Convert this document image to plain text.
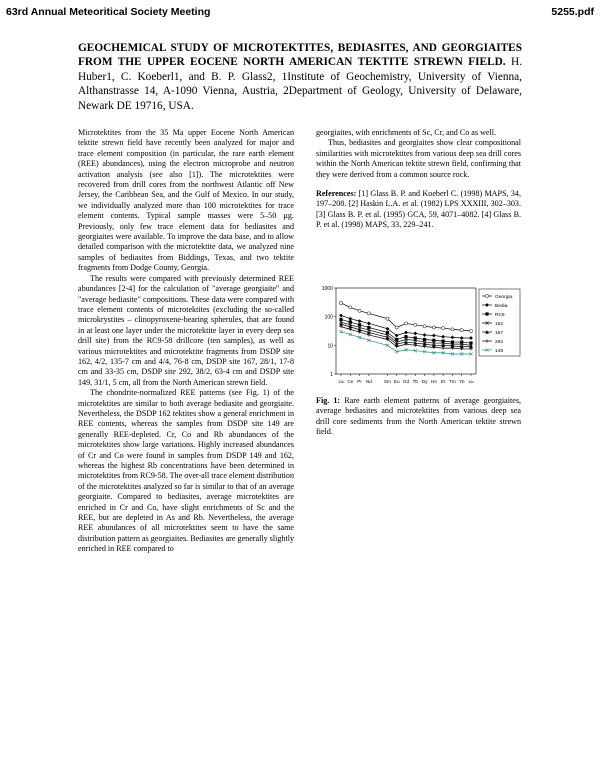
63rd Annual Meteoritical Society Meeting	5255.pdf
GEOCHEMICAL STUDY OF MICROTEKTITES, BEDIASITES, AND GEORGIAITES FROM THE UPPER EOCENE NORTH AMERICAN TEKTITE STREWN FIELD. H. Huber1, C. Koeberl1, and B. P. Glass2, 1Institute of Geochemistry, University of Vienna, Althanstrasse 14, A-1090 Vienna, Austria, 2Department of Geology, University of Delaware, Newark DE 19716, USA.

Microtektites from the 35 Ma upper Eocene North American tektite strewn field have recently been analyzed for major and trace element composition (in particular, the rare earth element (REE) abundances), using the electron microprobe and neutron activation analysis (see also [1]). The microtektites were recovered from drill cores from the northwest Atlantic off New Jersey, the Caribbean Sea, and the Gulf of Mexico. In our study, we individually analyzed more than 100 microtektites for trace element contents. Typical sample masses were 5–50 µg. Previously, only few trace element data for bediasites and georgiaites were available. To improve the data base, and to allow detailed comparison with the microtektite data, we analyzed nine samples of bediasites from Biddings, Texas, and two tektite fragments from Dodge County, Georgia.

The results were compared with previously determined REE abundances [2-4] for the calculation of "average georgiaite" and "average bediasite" compositions. These data were compared with trace element contents of microtektites (excluding the so-called microkrystites – clinopyroxene-bearing spherules, that are found in at least one layer under the microtektite layer in every deep sea drill site) from the RC9-58 drillcore (ten samples), as well as various microtektites and microtektite fragments from DSDP site 162, 4/2, 135-7 cm and 4/4, 76-8 cm, DSDP site 167, 28/1, 17-8 cm and 33-35 cm, DSDP site 292, 38/2, 63-4 cm and DSDP site 149, 31/1, 5 cm, all from the North American strewn field.

The chondrite-normalized REE patterns (see Fig. 1) of the microtektites are similar to both average bediasite and georgiaite. Nevertheless, the DSDP 162 tektites show a general enrichment in REE contents, whereas the samples from DSDP site 149 are generally REE-depleted. Cr, Co and Rb abundances of the microtektites show large variations. Highly increased abundances of Cr and Co were found in samples from DSDP 149 and 162, whereas the highest Rb concentrations have been determined in microtektites from RC9-58. The over-all trace element distribution of the microtektites analyzed so far is similar to that of an average georgiaite. Compared to bediasites, average microtektites are enriched in Cr and Co, have slight enrichments of Sc and the REE, but are depleted in As and Rb. Nevertheless, the average REE abundances of all microtektites seem to have the same distribution pattern as georgiaites. Bediasites are generally slightly enriched in REE compared to

georgiaites, with enrichments of Sc, Cr, and Co as well.

Thus, bediasites and georgiaites show clear compositional similarities with microtektites from various deep sea drill cores within the North American tektite strewn field, confirming that they were derived from a common source rock.

References: [1] Glass B. P. and Koeberl C. (1998) MAPS, 34, 197–208. [2] Haskin L.A. et al. (1982) LPS XXXIII, 302–303. [3] Glass B. P. et al. (1995) GCA, 59, 4071–4082. [4] Glass B. P. et al. (1998) MAPS, 33, 229–241.

1000
100
10
1
La Ce Pr Nd	Sm Eu Gd Tb Dy Ho Er Tm Yb Lu
Georgia.
Bedia.
RC9
162
167
292
149
Fig. 1: Rare earth element patterns of average georgiaites, average bediasites and microtektites from various deep sea drill core sediments from the North American tektite strewn field.
